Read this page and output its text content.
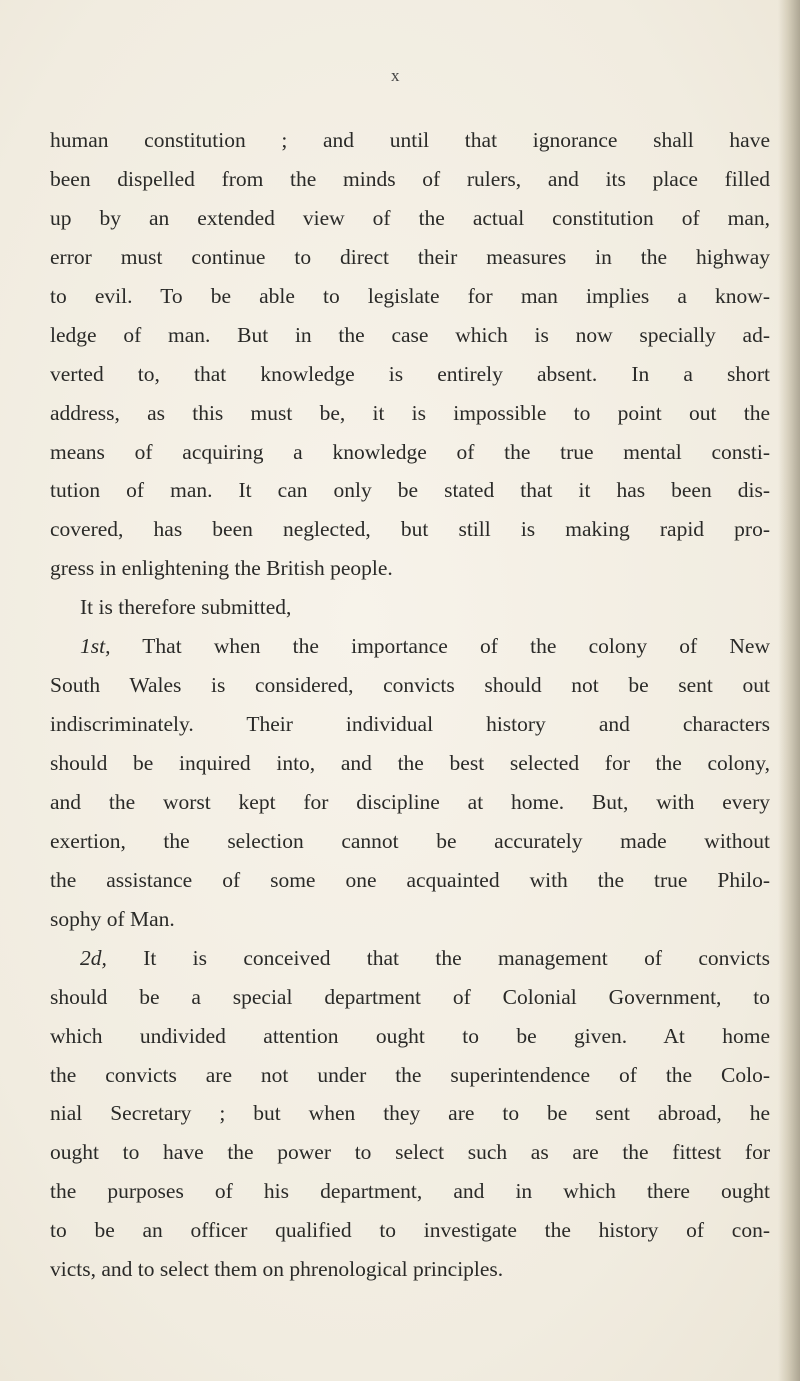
x
human constitution ; and until that ignorance shall have
been dispelled from the minds of rulers, and its place filled
up by an extended view of the actual constitution of man,
error must continue to direct their measures in the highway
to evil. To be able to legislate for man implies a know-
ledge of man. But in the case which is now specially ad-
verted to, that knowledge is entirely absent. In a short
address, as this must be, it is impossible to point out the
means of acquiring a knowledge of the true mental consti-
tution of man. It can only be stated that it has been dis-
covered, has been neglected, but still is making rapid pro-
gress in enlightening the British people.
It is therefore submitted,
1st, That when the importance of the colony of New
South Wales is considered, convicts should not be sent out
indiscriminately. Their individual history and characters
should be inquired into, and the best selected for the colony,
and the worst kept for discipline at home. But, with every
exertion, the selection cannot be accurately made without
the assistance of some one acquainted with the true Philo-
sophy of Man.
2d, It is conceived that the management of convicts
should be a special department of Colonial Government, to
which undivided attention ought to be given. At home
the convicts are not under the superintendence of the Colo-
nial Secretary ; but when they are to be sent abroad, he
ought to have the power to select such as are the fittest for
the purposes of his department, and in which there ought
to be an officer qualified to investigate the history of con-
victs, and to select them on phrenological principles.
